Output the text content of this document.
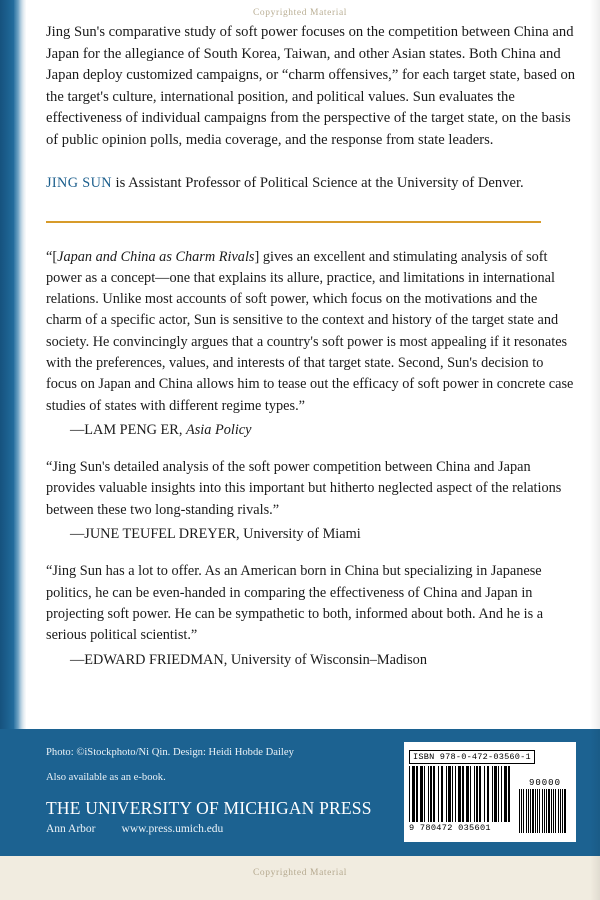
Copyrighted Material

Jing Sun's comparative study of soft power focuses on the competition between China and Japan for the allegiance of South Korea, Taiwan, and other Asian states. Both China and Japan deploy customized campaigns, or “charm offensives,” for each target state, based on the target's culture, international position, and political values. Sun evaluates the effectiveness of individual campaigns from the perspective of the target state, on the basis of public opinion polls, media coverage, and the response from state leaders.

JING SUN is Assistant Professor of Political Science at the University of Denver.

“[Japan and China as Charm Rivals] gives an excellent and stimulating analysis of soft power as a concept—one that explains its allure, practice, and limitations in international relations. Unlike most accounts of soft power, which focus on the motivations and the charm of a specific actor, Sun is sensitive to the context and history of the target state and society. He convincingly argues that a country's soft power is most appealing if it resonates with the preferences, values, and interests of that target state. Second, Sun's decision to focus on Japan and China allows him to tease out the efficacy of soft power in concrete case studies of states with different regime types.”

—LAM PENG ER, Asia Policy

“Jing Sun's detailed analysis of the soft power competition between China and Japan provides valuable insights into this important but hitherto neglected aspect of the relations between these two long-standing rivals.”

—JUNE TEUFEL DREYER, University of Miami

“Jing Sun has a lot to offer. As an American born in China but specializing in Japanese politics, he can be even-handed in comparing the effectiveness of China and Japan in projecting soft power. He can be sympathetic to both, informed about both. And he is a serious political scientist.”

—EDWARD FRIEDMAN, University of Wisconsin–Madison
Photo: ©iStockphoto/Ni Qin. Design: Heidi Hobde Dailey
Also available as an e-book.
THE UNIVERSITY OF MICHIGAN PRESS
Ann Arbor www.press.umich.edu
ISBN 978-0-472-03560-1
9 780472 035601
90000
Copyrighted Material
